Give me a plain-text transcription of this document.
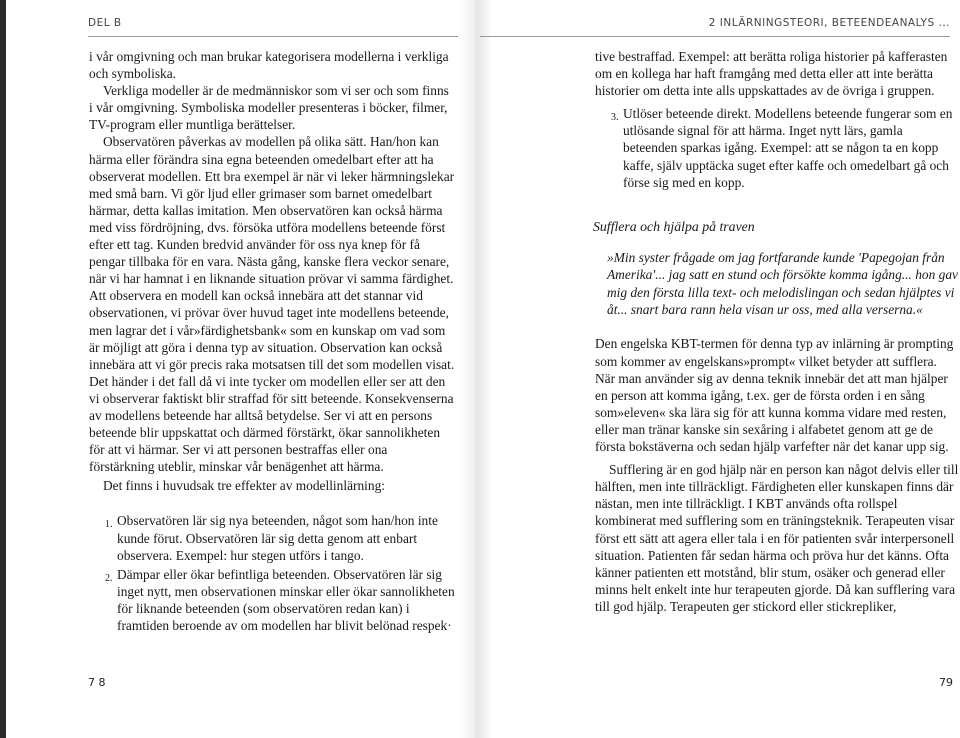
DEL B	2 INLÄRNINGSTEORI, BETEENDEANALYS ...

i vår omgivning och man brukar kategorisera modellerna i verkliga och symboliska.

Verkliga modeller är de medmänniskor som vi ser och som finns i vår omgivning. Symboliska modeller presenteras i böcker, filmer, TV-program eller muntliga berättelser.

Observatören påverkas av modellen på olika sätt. Han/hon kan härma eller förändra sina egna beteenden omedelbart efter att ha observerat modellen. Ett bra exempel är när vi leker härmningslekar med små barn. Vi gör ljud eller grimaser som barnet omedelbart härmar, detta kallas imitation. Men observatören kan också härma med viss fördröjning, dvs. försöka utföra modellens beteende först efter ett tag. Kunden bredvid använder för oss nya knep för få pengar tillbaka för en vara. Nästa gång, kanske flera veckor senare, när vi har hamnat i en liknande situation prövar vi samma färdighet. Att observera en modell kan också innebära att det stannar vid observationen, vi prövar över huvud taget inte modellens beteende, men lagrar det i vår»färdighetsbank« som en kunskap om vad som är möjligt att göra i denna typ av situation. Observation kan också innebära att vi gör precis raka motsatsen till det som modellen visat. Det händer i det fall då vi inte tycker om modellen eller ser att den vi observerar faktiskt blir straffad för sitt beteende. Konsekvenserna av modellens beteende har alltså betydelse. Ser vi att en persons beteende blir uppskattat och därmed förstärkt, ökar sannolikheten för att vi härmar. Ser vi att personen bestraffas eller ona förstärkning uteblir, minskar vår benägenhet att härma.

Det finns i huvudsak tre effekter av modellinlärning:

1. Observatören lär sig nya beteenden, något som han/hon inte kunde förut. Observatören lär sig detta genom att enbart observera. Exempel: hur stegen utförs i tango.
2. Dämpar eller ökar befintliga beteenden. Observatören lär sig inget nytt, men observationen minskar eller ökar sannolikheten för liknande beteenden (som observatören redan kan) i framtiden beroende av om modellen har blivit belönad respek·

tive bestraffad. Exempel: att berätta roliga historier på kafferasten om en kollega har haft framgång med detta eller att inte berätta historier om detta inte alls uppskattades av de övriga i gruppen.

3. Utlöser beteende direkt. Modellens beteende fungerar som en utlösande signal för att härma. Inget nytt lärs, gamla beteenden sparkas igång. Exempel: att se någon ta en kopp kaffe, själv upptäcka suget efter kaffe och omedelbart gå och förse sig med en kopp.

Sufflera och hjälpa på traven

»Min syster frågade om jag fortfarande kunde 'Papegojan från Amerika'... jag satt en stund och försökte komma igång... hon gav mig den första lilla text- och melodislingan och sedan hjälptes vi åt... snart bara rann hela visan ur oss, med alla verserna.«

Den engelska KBT-termen för denna typ av inlärning är prompting som kommer av engelskans»prompt« vilket betyder att sufflera. När man använder sig av denna teknik innebär det att man hjälper en person att komma igång, t.ex. ger de första orden i en sång som»eleven« ska lära sig för att kunna komma vidare med resten, eller man tränar kanske sin sexåring i alfabetet genom att ge de första bokstäverna och sedan hjälp varfefter när det kanar upp sig.

Sufflering är en god hjälp när en person kan något delvis eller till hälften, men inte tillräckligt. Färdigheten eller kunskapen finns där nästan, men inte tillräckligt. I KBT används ofta rollspel kombinerat med sufflering som en träningsteknik. Terapeuten visar först ett sätt att agera eller tala i en för patienten svår interpersonell situation. Patienten får sedan härma och pröva hur det känns. Ofta känner patienten ett motstånd, blir stum, osäker och generad eller minns helt enkelt inte hur terapeuten gjorde. Då kan sufflering vara till god hjälp. Terapeuten ger stickord eller stickrepliker,

7 8	79
